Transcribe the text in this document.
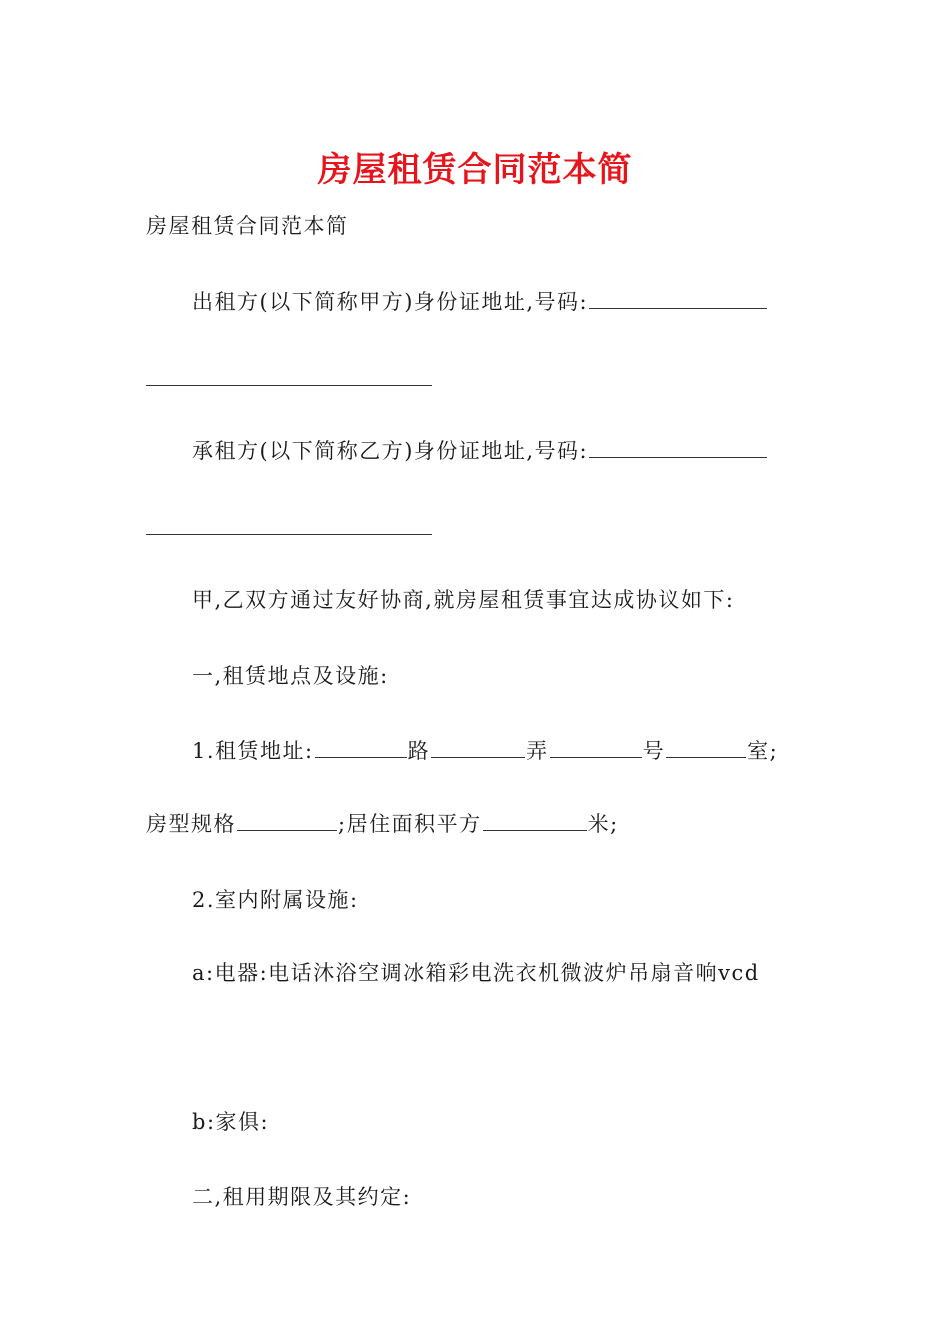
房屋租赁合同范本简
房屋租赁合同范本简
出租方(以下简称甲方)身份证地址,号码:
承租方(以下简称乙方)身份证地址,号码:
甲,乙双方通过友好协商,就房屋租赁事宜达成协议如下:
一,租赁地点及设施:
1.租赁地址:	路	弄	号	室;
房型规格	;居住面积平方	米;
2.室内附属设施:
a:电器:电话沐浴空调冰箱彩电洗衣机微波炉吊扇音响vcd
b:家俱:
二,租用期限及其约定:
